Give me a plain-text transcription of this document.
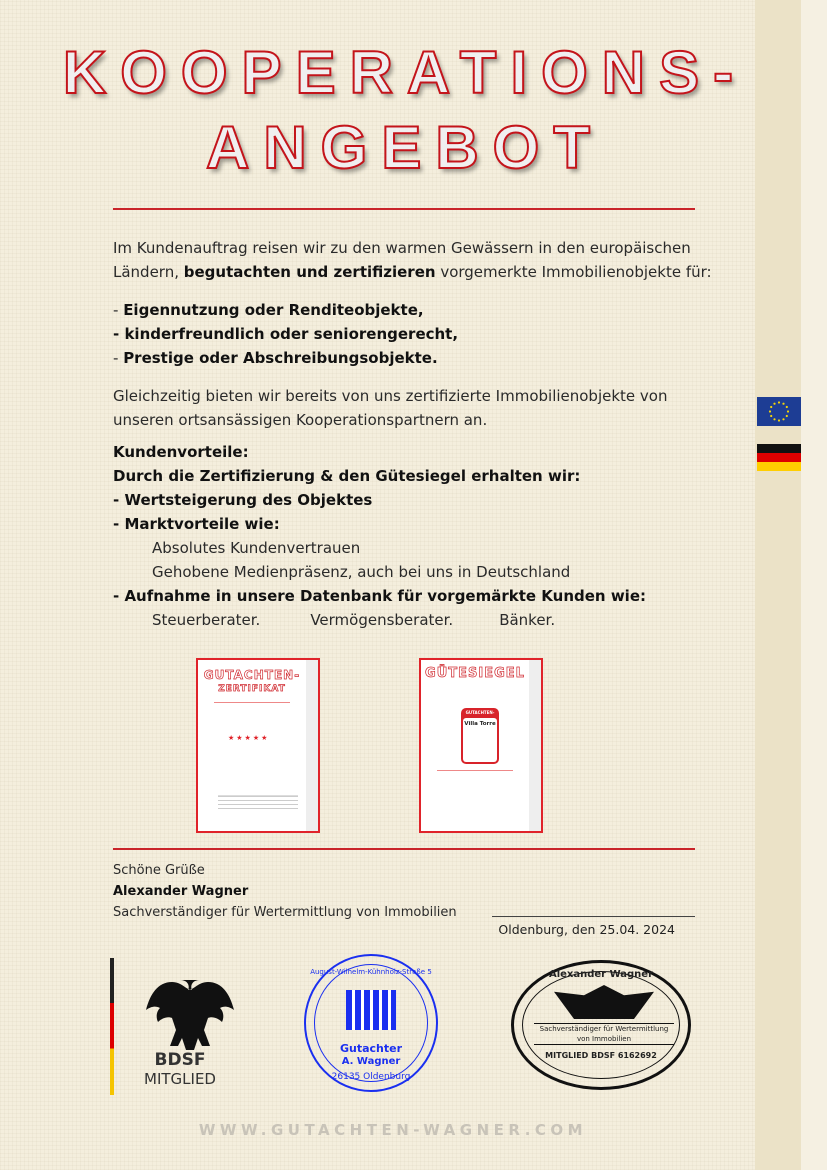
KOOPERATIONS-
ANGEBOT
Im Kundenauftrag reisen wir zu den warmen Gewässern in den europäischen
Ländern, begutachten und zertifizieren vorgemerkte Immobilienobjekte für:
- Eigennutzung oder Renditeobjekte,
- kinderfreundlich oder seniorengerecht,
- Prestige oder Abschreibungsobjekte.
Gleichzeitig bieten wir bereits von uns zertifizierte Immobilienobjekte von
unseren ortsansässigen Kooperationspartnern an.
Kundenvorteile:
Durch die Zertifizierung & den Gütesiegel erhalten wir:
- Wertsteigerung des Objektes
- Marktvorteile wie:
Absolutes Kundenvertrauen
Gehobene Medienpräsenz, auch bei uns in Deutschland
- Aufnahme in unsere Datenbank für vorgemärkte Kunden wie:
Steuerberater.	Vermögensberater.	Bänker.
GUTACHTEN-
ZERTIFIKAT
★★★★★
GÜTESIEGEL
GUTACHTEN-
Villa Torre
Schöne Grüße
Alexander Wagner
Sachverständiger für Wertermittlung von Immobilien
Oldenburg, den 25.04. 2024
BDSF
MITGLIED
August-Wilhelm-Kühnholz-Straße 5
Gutachter
A. Wagner
26135 Oldenburg
Alexander Wagner
Sachverständiger für Wertermittlung von Immobilien
MITGLIED BDSF 6162692
WWW.GUTACHTEN-WAGNER.COM
